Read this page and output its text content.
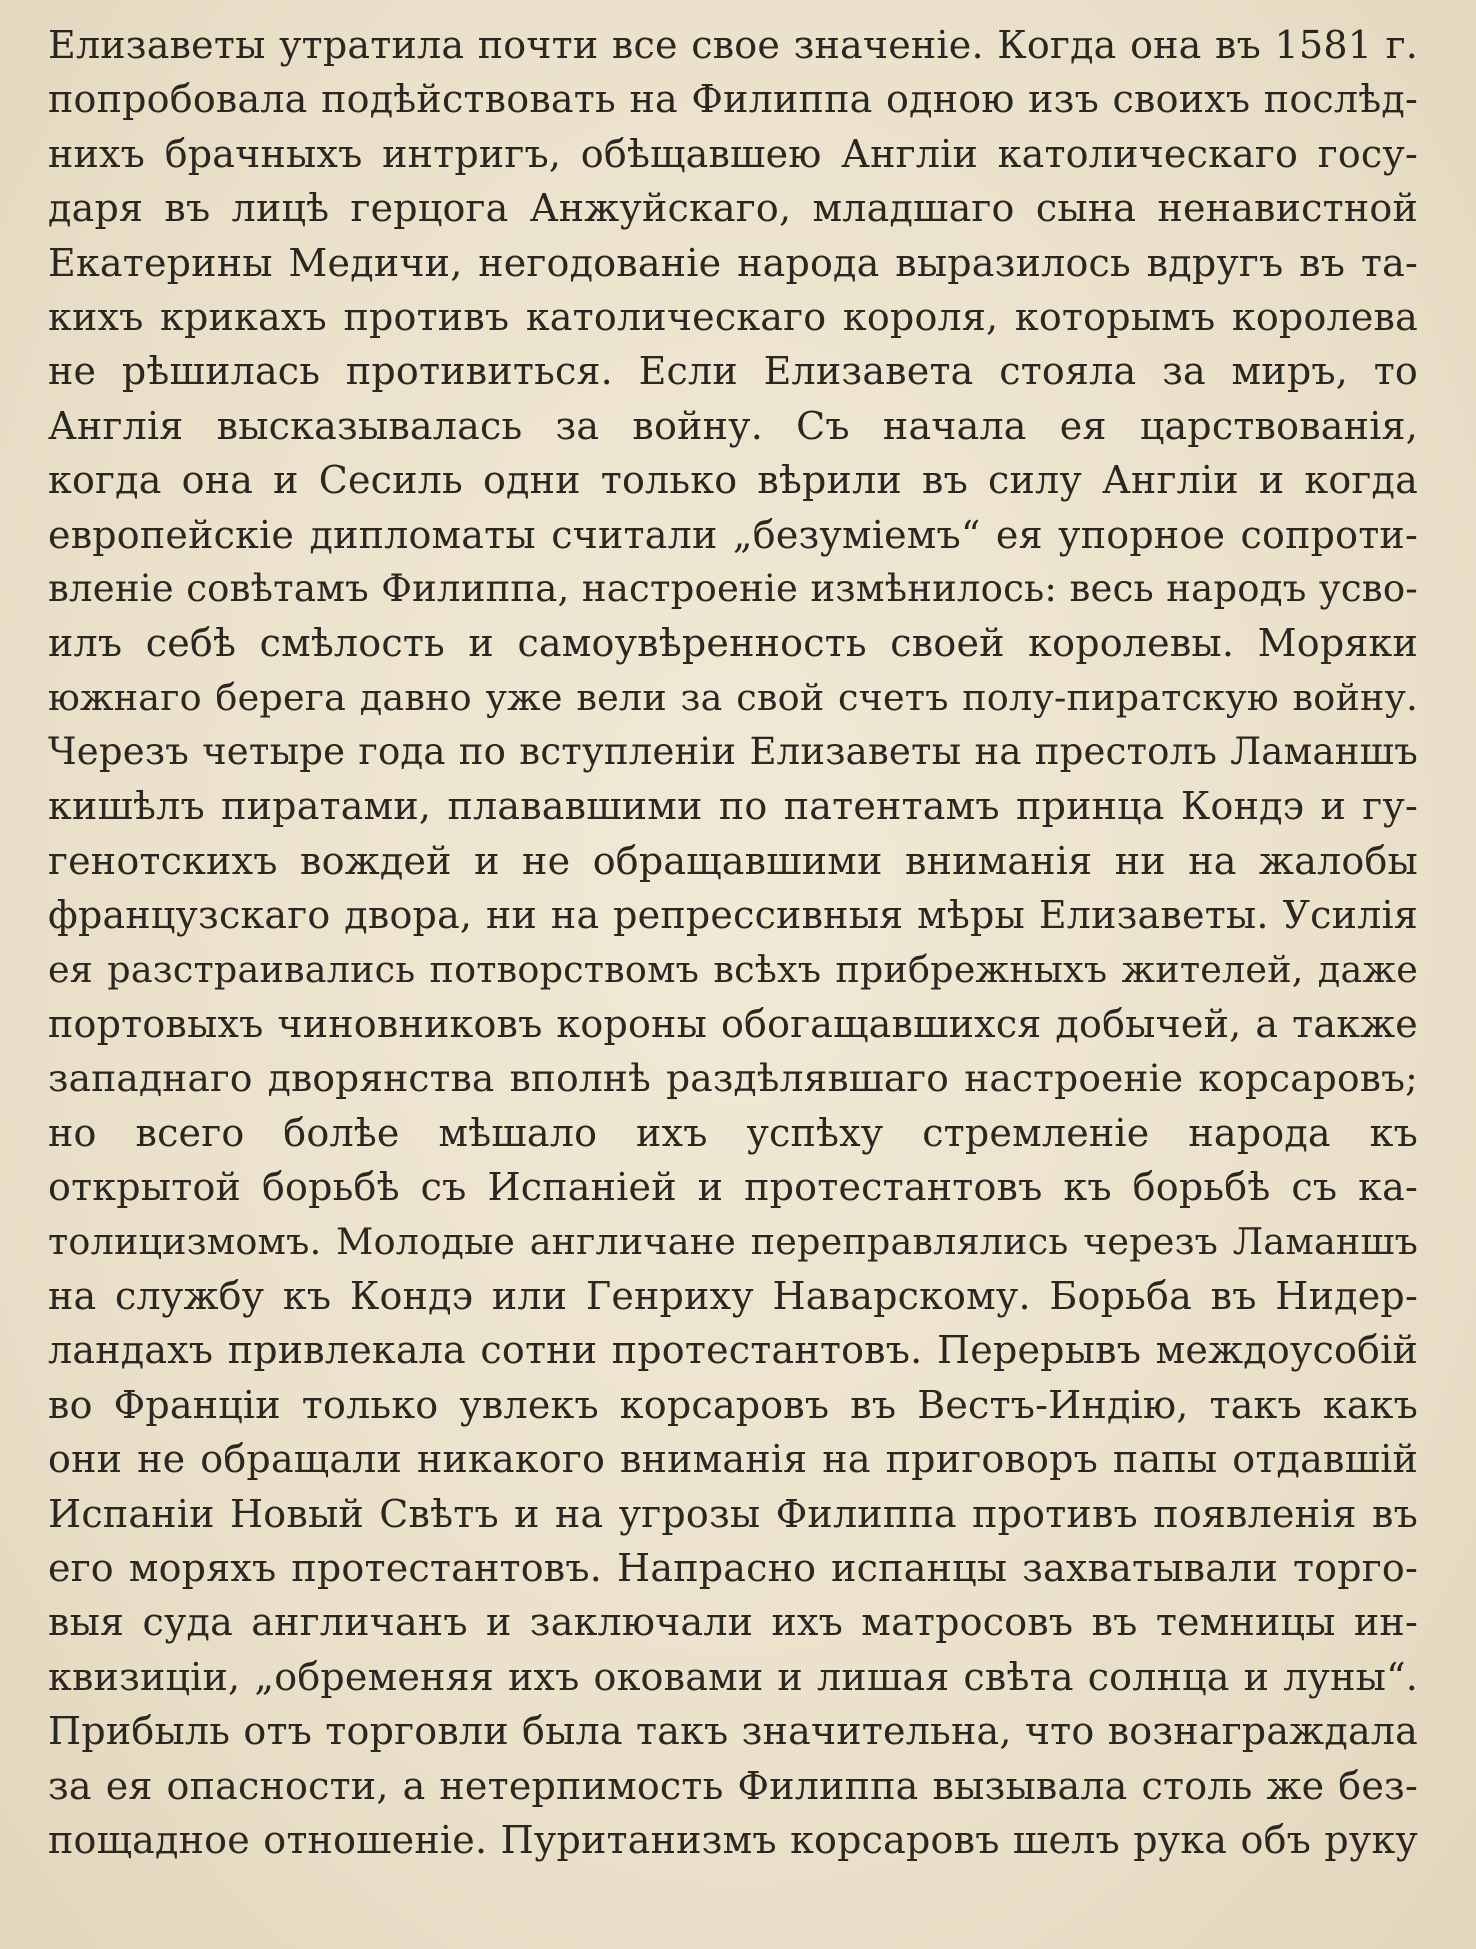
Елизаветы утратила почти все свое значеніе. Когда она въ 1581 г.
попробовала подѣйствовать на Филиппа одною изъ своихъ послѣд-
нихъ брачныхъ интригъ, обѣщавшею Англіи католическаго госу-
даря въ лицѣ герцога Анжуйскаго, младшаго сына ненавистной
Екатерины Медичи, негодованіе народа выразилось вдругъ въ та-
кихъ крикахъ противъ католическаго короля, которымъ королева
не рѣшилась противиться. Если Елизавета стояла за миръ, то
Англія высказывалась за войну. Съ начала ея царствованія,
когда она и Сесиль одни только вѣрили въ силу Англіи и когда
европейскіе дипломаты считали „безуміемъ“ ея упорное сопроти-
вленіе совѣтамъ Филиппа, настроеніе измѣнилось: весь народъ усво-
илъ себѣ смѣлость и самоувѣренность своей королевы. Моряки
южнаго берега давно уже вели за свой счетъ полу-пиратскую войну.
Черезъ четыре года по вступленіи Елизаветы на престолъ Ламаншъ
кишѣлъ пиратами, плававшими по патентамъ принца Кондэ и гу-
генотскихъ вождей и не обращавшими вниманія ни на жалобы
французскаго двора, ни на репрессивныя мѣры Елизаветы. Усилія
ея разстраивались потворствомъ всѣхъ прибрежныхъ жителей, даже
портовыхъ чиновниковъ короны обогащавшихся добычей, а также
западнаго дворянства вполнѣ раздѣлявшаго настроеніе корсаровъ;
но всего болѣе мѣшало ихъ успѣху стремленіе народа къ
открытой борьбѣ съ Испаніей и протестантовъ къ борьбѣ съ ка-
толицизмомъ. Молодые англичане переправлялись черезъ Ламаншъ
на службу къ Кондэ или Генриху Наварскому. Борьба въ Нидер-
ландахъ привлекала сотни протестантовъ. Перерывъ междоусобій
во Франціи только увлекъ корсаровъ въ Вестъ-Индію, такъ какъ
они не обращали никакого вниманія на приговоръ папы отдавшій
Испаніи Новый Свѣтъ и на угрозы Филиппа противъ появленія въ
его моряхъ протестантовъ. Напрасно испанцы захватывали торго-
выя суда англичанъ и заключали ихъ матросовъ въ темницы ин-
квизиціи, „обременяя ихъ оковами и лишая свѣта солнца и луны“.
Прибыль отъ торговли была такъ значительна, что вознаграждала
за ея опасности, а нетерпимость Филиппа вызывала столь же без-
пощадное отношеніе. Пуританизмъ корсаровъ шелъ рука объ руку
